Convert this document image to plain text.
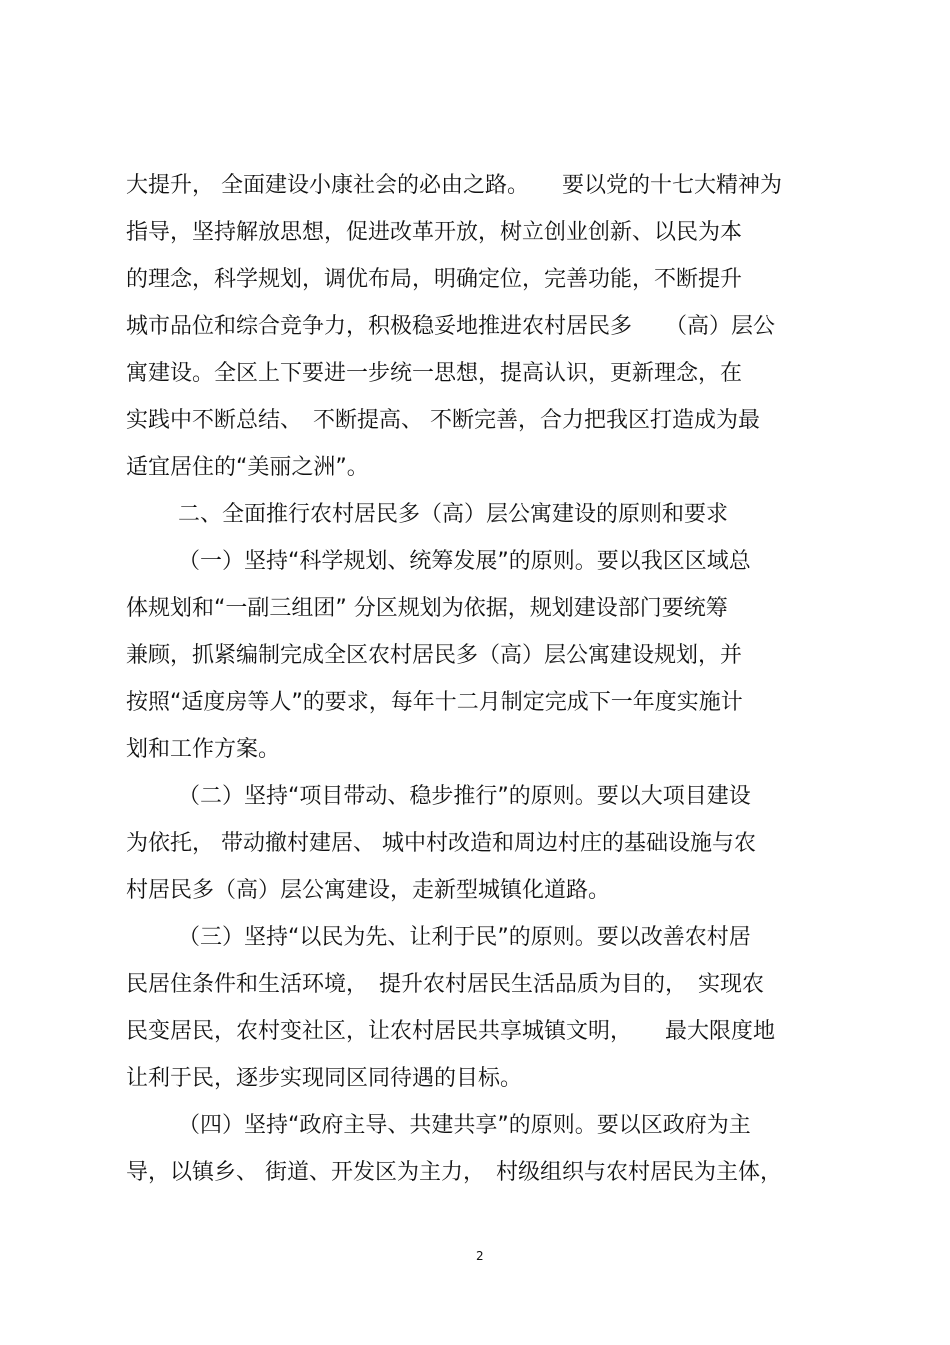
大提升， 全面建设小康社会的必由之路。　　要以党的十七大精神为
指导，坚持解放思想，促进改革开放，树立创业创新、以民为本
的理念，科学规划，调优布局，明确定位，完善功能，不断提升
城市品位和综合竞争力，积极稳妥地推进农村居民多　　（高）层公
寓建设。全区上下要进一步统一思想，提高认识，更新理念，在
实践中不断总结、　不断提高、 不断完善，合力把我区打造成为最
适宜居住的“美丽之洲”。
二、全面推行农村居民多（高）层公寓建设的原则和要求
（一）坚持“科学规划、统筹发展”的原则。要以我区区域总
体规划和“一副三组团” 分区规划为依据，规划建设部门要统筹
兼顾，抓紧编制完成全区农村居民多（高）层公寓建设规划，并
按照“适度房等人”的要求，每年十二月制定完成下一年度实施计
划和工作方案。
（二）坚持“项目带动、稳步推行”的原则。要以大项目建设
为依托， 带动撤村建居、 城中村改造和周边村庄的基础设施与农
村居民多（高）层公寓建设，走新型城镇化道路。
（三）坚持“以民为先、让利于民”的原则。要以改善农村居
民居住条件和生活环境，　提升农村居民生活品质为目的，　实现农
民变居民，农村变社区，让农村居民共享城镇文明，　　最大限度地
让利于民，逐步实现同区同待遇的目标。
（四）坚持“政府主导、共建共享”的原则。要以区政府为主
导，以镇乡、 街道、开发区为主力，　村级组织与农村居民为主体，
2
